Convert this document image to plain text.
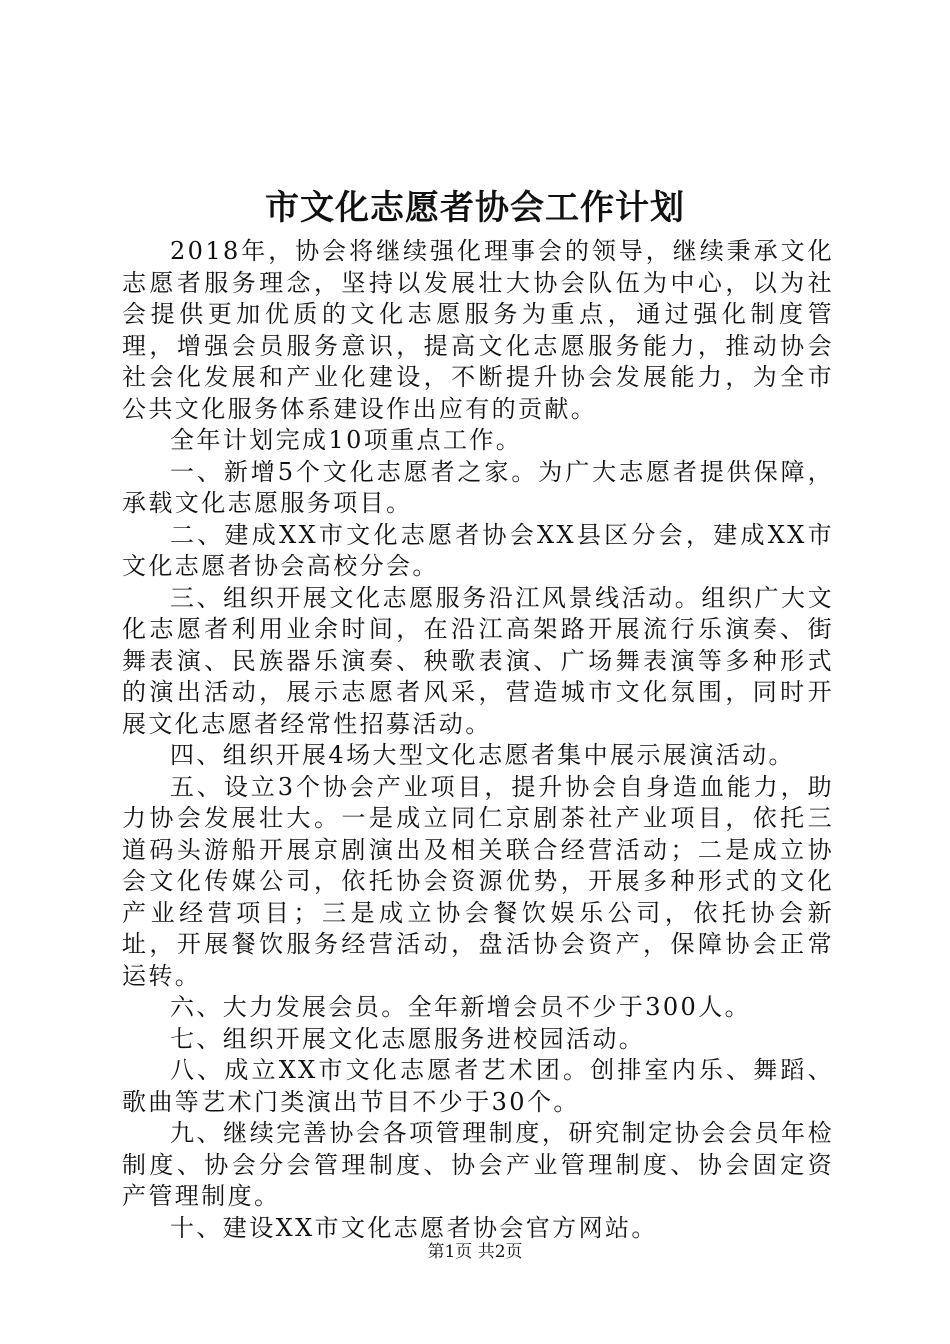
市文化志愿者协会工作计划

2018年，协会将继续强化理事会的领导，继续秉承文化志愿者服务理念，坚持以发展壮大协会队伍为中心，以为社会提供更加优质的文化志愿服务为重点，通过强化制度管理，增强会员服务意识，提高文化志愿服务能力，推动协会社会化发展和产业化建设，不断提升协会发展能力，为全市公共文化服务体系建设作出应有的贡献。

全年计划完成10项重点工作。

一、新增5个文化志愿者之家。为广大志愿者提供保障，承载文化志愿服务项目。

二、建成XX市文化志愿者协会XX县区分会，建成XX市文化志愿者协会高校分会。

三、组织开展文化志愿服务沿江风景线活动。组织广大文化志愿者利用业余时间，在沿江高架路开展流行乐演奏、街舞表演、民族器乐演奏、秧歌表演、广场舞表演等多种形式的演出活动，展示志愿者风采，营造城市文化氛围，同时开展文化志愿者经常性招募活动。

四、组织开展4场大型文化志愿者集中展示展演活动。

五、设立3个协会产业项目，提升协会自身造血能力，助力协会发展壮大。一是成立同仁京剧茶社产业项目，依托三道码头游船开展京剧演出及相关联合经营活动；二是成立协会文化传媒公司，依托协会资源优势，开展多种形式的文化产业经营项目；三是成立协会餐饮娱乐公司，依托协会新址，开展餐饮服务经营活动，盘活协会资产，保障协会正常运转。

六、大力发展会员。全年新增会员不少于300人。

七、组织开展文化志愿服务进校园活动。

八、成立XX市文化志愿者艺术团。创排室内乐、舞蹈、歌曲等艺术门类演出节目不少于30个。

九、继续完善协会各项管理制度，研究制定协会会员年检制度、协会分会管理制度、协会产业管理制度、协会固定资产管理制度。

十、建设XX市文化志愿者协会官方网站。

第1页 共2页
